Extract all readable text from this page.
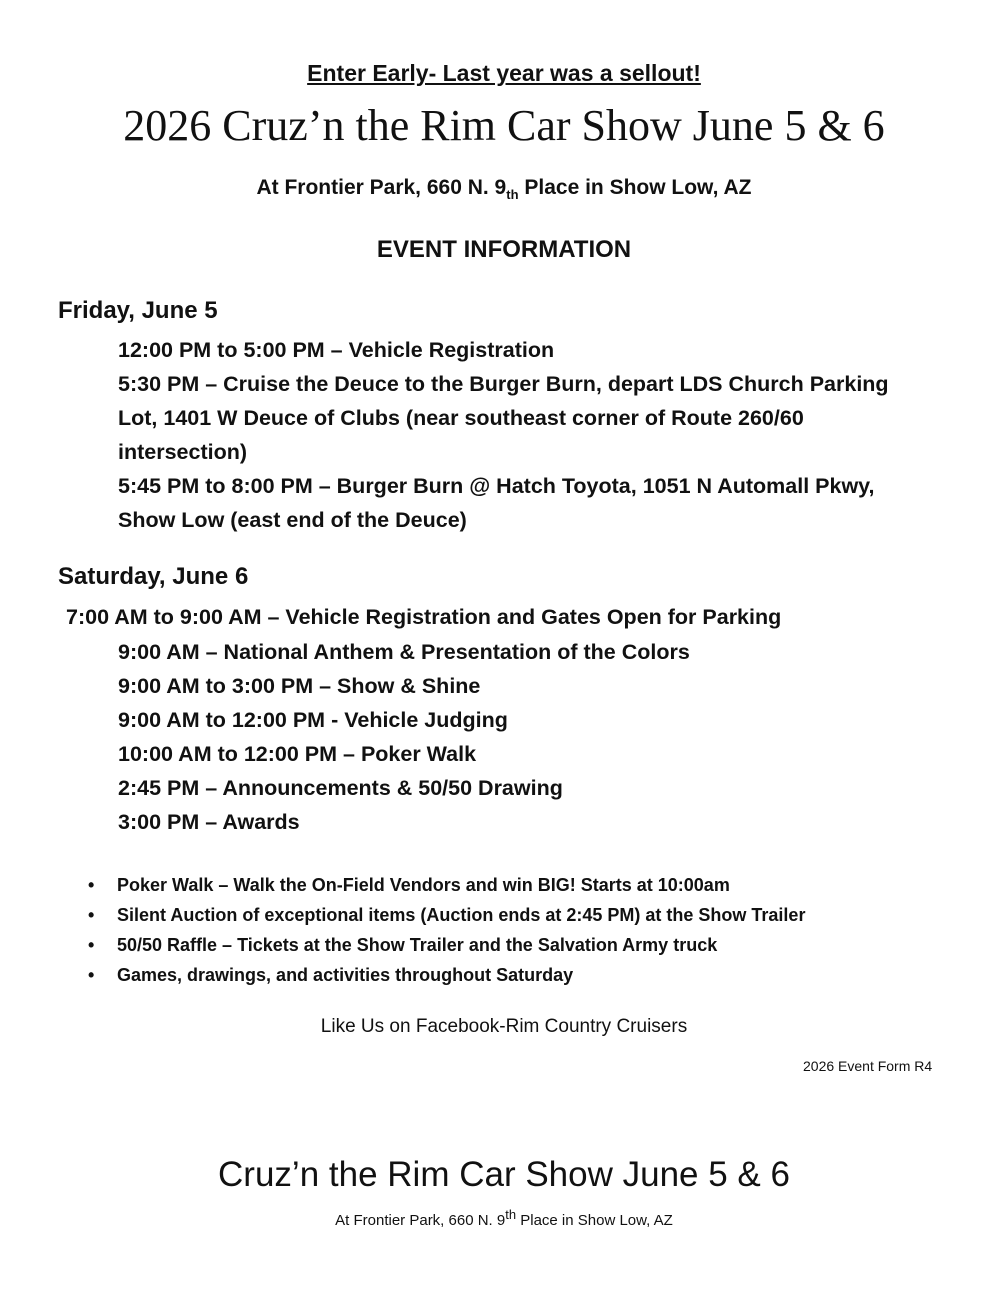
Enter Early- Last year was a sellout!
2026 Cruz’n the Rim Car Show June 5 & 6
At Frontier Park, 660 N. $9_{th}$ Place in Show Low, AZ
EVENT INFORMATION
Friday, June 5
12:00 PM to 5:00 PM – Vehicle Registration
5:30 PM – Cruise the Deuce to the Burger Burn, depart LDS Church Parking
Lot, 1401 W Deuce of Clubs (near southeast corner of Route 260/60
intersection)
5:45 PM to 8:00 PM – Burger Burn @ Hatch Toyota, 1051 N Automall Pkwy,
Show Low (east end of the Deuce)
Saturday, June 6
7:00 AM to 9:00 AM – Vehicle Registration and Gates Open for Parking
9:00 AM – National Anthem & Presentation of the Colors
9:00 AM to 3:00 PM – Show & Shine
9:00 AM to 12:00 PM - Vehicle Judging
10:00 AM to 12:00 PM – Poker Walk
2:45 PM – Announcements & 50/50 Drawing
3:00 PM – Awards
• Poker Walk – Walk the On-Field Vendors and win BIG! Starts at 10:00am
• Silent Auction of exceptional items (Auction ends at 2:45 PM) at the Show Trailer
• 50/50 Raffle – Tickets at the Show Trailer and the Salvation Army truck
• Games, drawings, and activities throughout Saturday
Like Us on Facebook-Rim Country Cruisers
2026 Event Form R4
Cruz’n the Rim Car Show June 5 & 6
At Frontier Park, 660 N. 9th Place in Show Low, AZ
